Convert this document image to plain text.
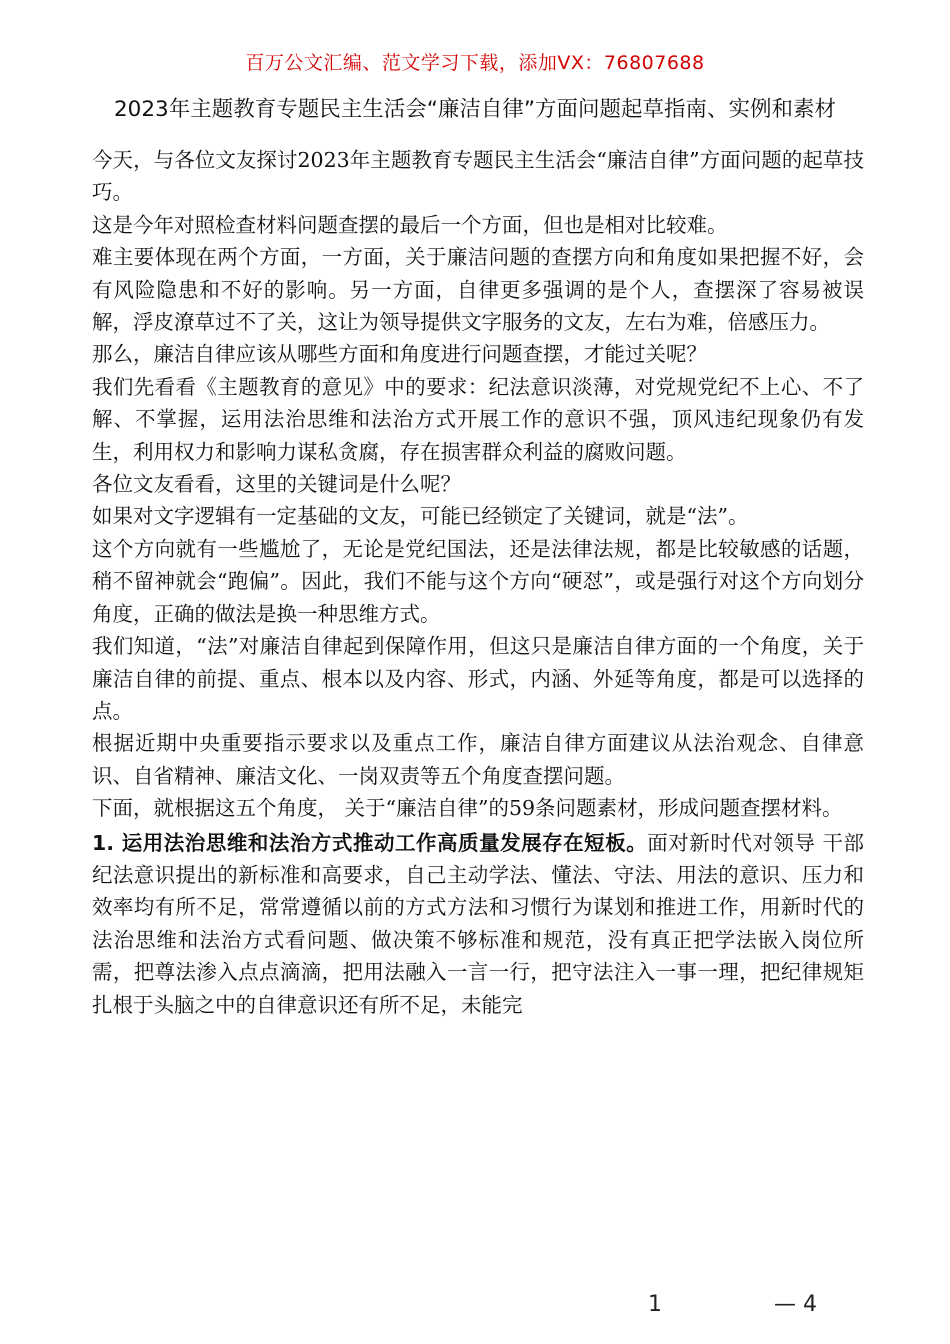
百万公文汇编、范文学习下载，添加VX：76807688
2023年主题教育专题民主生活会“廉洁自律”方面问题起草指南、实例和素材

今天，与各位文友探讨2023年主题教育专题民主生活会“廉洁自律”方面问题的起草技巧。

这是今年对照检查材料问题查摆的最后一个方面，但也是相对比较难。

难主要体现在两个方面，一方面，关于廉洁问题的查摆方向和角度如果把握不好，会有风险隐患和不好的影响。另一方面，自律更多强调的是个人，查摆深了容易被误解，浮皮潦草过不了关，这让为领导提供文字服务的文友，左右为难，倍感压力。

那么，廉洁自律应该从哪些方面和角度进行问题查摆，才能过关呢？

我们先看看《主题教育的意见》中的要求：纪法意识淡薄，对党规党纪不上心、不了解、不掌握，运用法治思维和法治方式开展工作的意识不强，顶风违纪现象仍有发生，利用权力和影响力谋私贪腐，存在损害群众利益的腐败问题。

各位文友看看，这里的关键词是什么呢？

如果对文字逻辑有一定基础的文友，可能已经锁定了关键词，就是“法”。

这个方向就有一些尴尬了，无论是党纪国法，还是法律法规，都是比较敏感的话题，稍不留神就会“跑偏”。因此，我们不能与这个方向“硬怼”，或是强行对这个方向划分角度，正确的做法是换一种思维方式。

我们知道，“法”对廉洁自律起到保障作用，但这只是廉洁自律方面的一个角度，关于廉洁自律的前提、重点、根本以及内容、形式，内涵、外延等角度，都是可以选择的点。

根据近期中央重要指示要求以及重点工作，廉洁自律方面建议从法治观念、自律意识、自省精神、廉洁文化、一岗双责等五个角度查摆问题。

下面，就根据这五个角度， 关于“廉洁自律”的59条问题素材，形成问题查摆材料。

1. 运用法治思维和法治方式推动工作高质量发展存在短板。面对新时代对领导 干部纪法意识提出的新标准和高要求，自己主动学法、懂法、守法、用法的意识、压力和效率均有所不足，常常遵循以前的方式方法和习惯行为谋划和推进工作，用新时代的法治思维和法治方式看问题、做决策不够标准和规范，没有真正把学法嵌入岗位所需，把尊法渗入点点滴滴，把用法融入一言一行，把守法注入一事一理，把纪律规矩扎根于头脑之中的自律意识还有所不足，未能完

1	— 4
